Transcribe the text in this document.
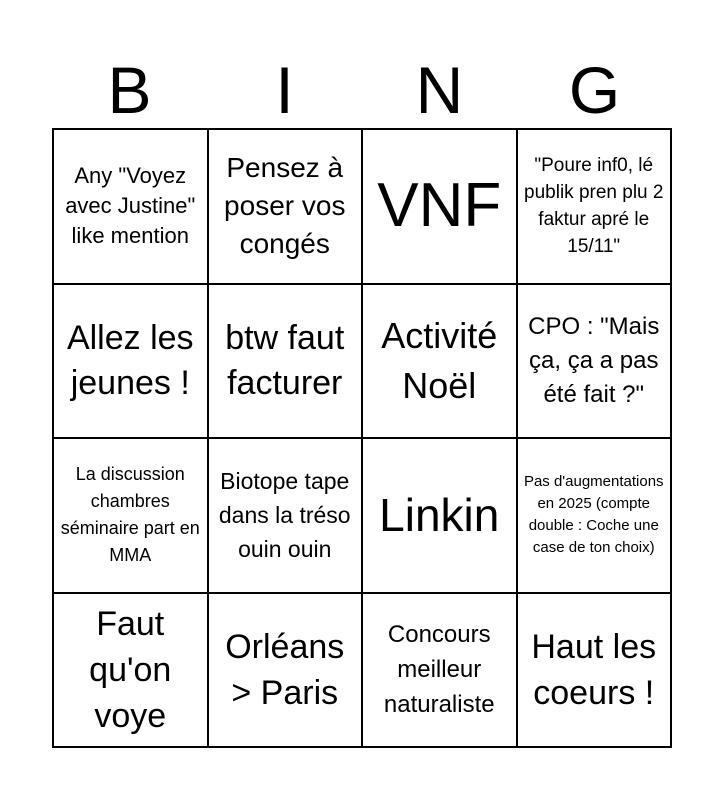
B	I	N	G
Any "Voyez avec Justine" like mention
Pensez à poser vos congés
VNF
"Poure inf0, lé publik pren plu 2 faktur apré le 15/11"
Allez les jeunes !
btw faut facturer
Activité Noël
CPO : "Mais ça, ça a pas été fait ?"
La discussion chambres séminaire part en MMA
Biotope tape dans la tréso ouin ouin
Linkin
Pas d'augmentations en 2025 (compte double : Coche une case de ton choix)
Faut qu'on voye
Orléans > Paris
Concours meilleur naturaliste
Haut les coeurs !
